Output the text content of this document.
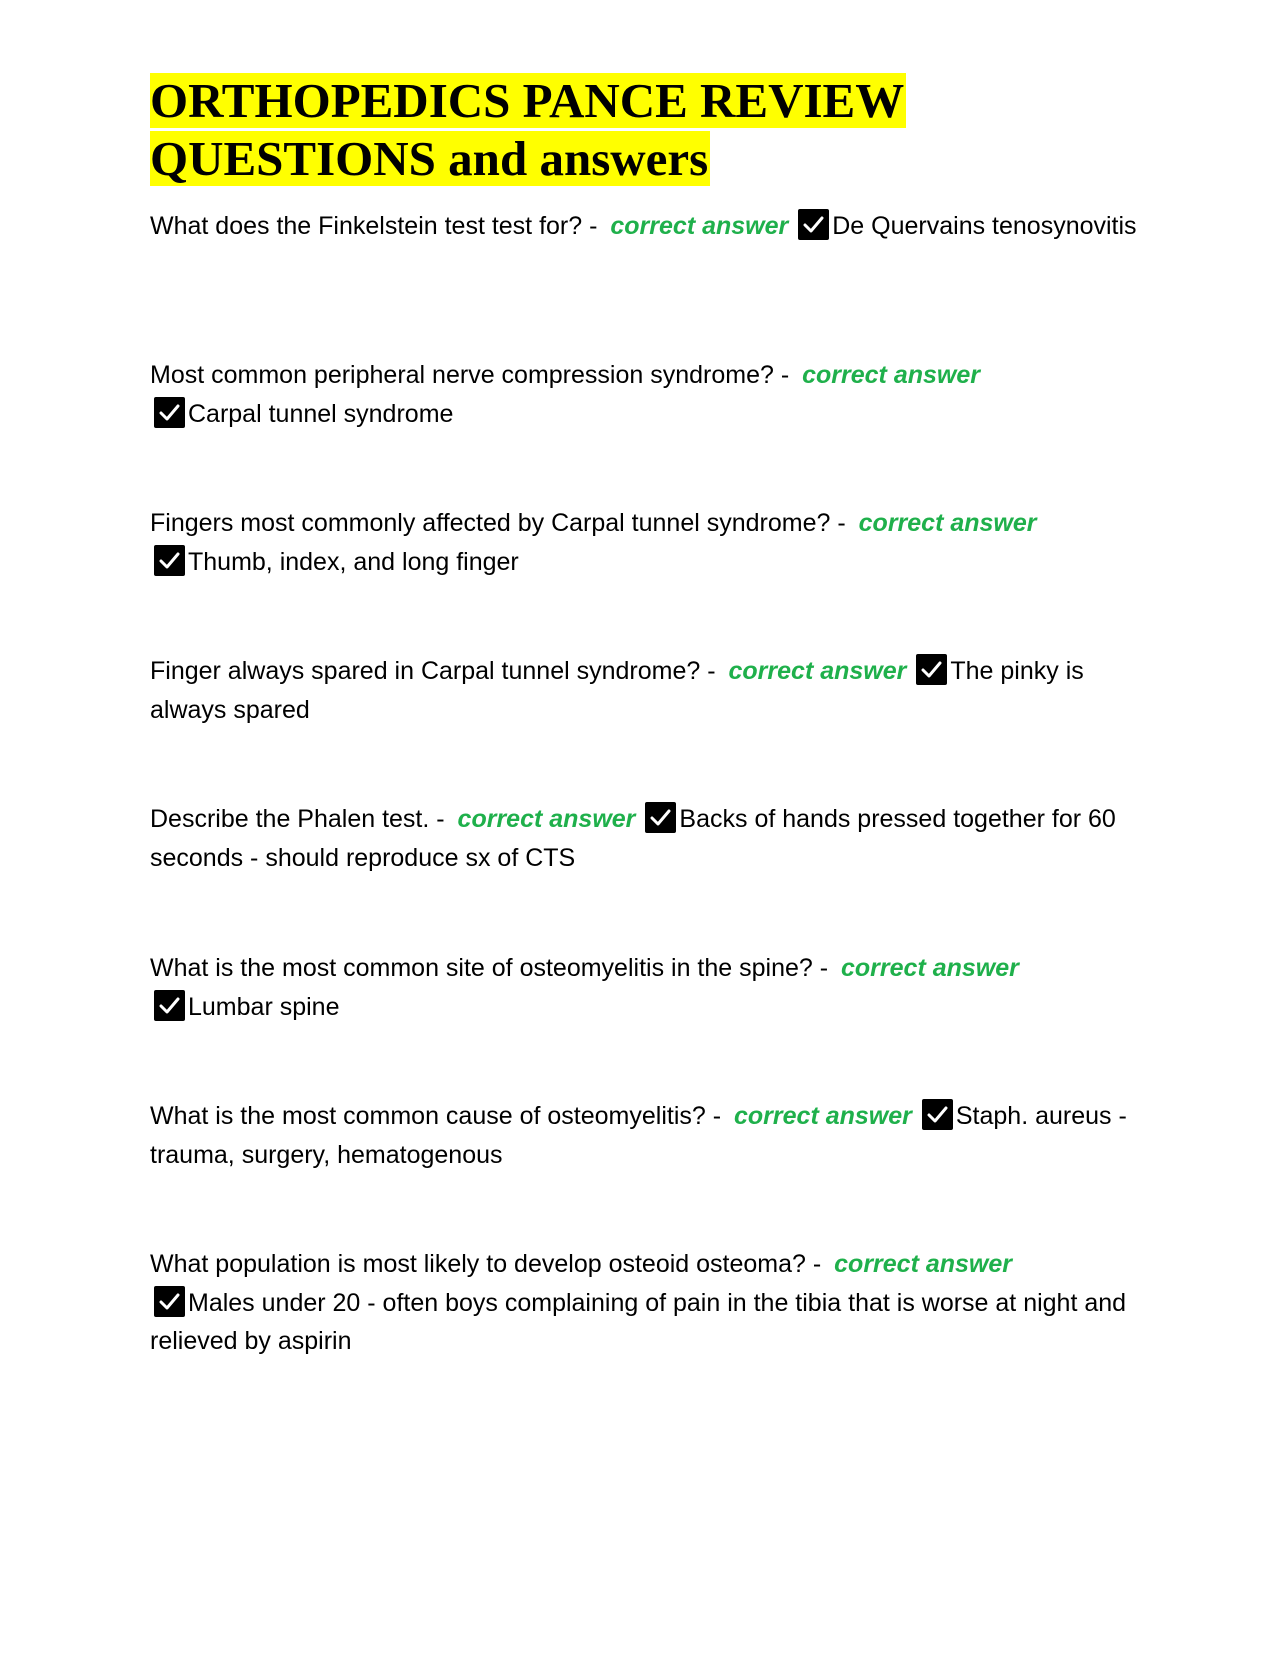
ORTHOPEDICS PANCE REVIEW
QUESTIONS and answers

What does the Finkelstein test test for? - correct answer De Quervains tenosynovitis

Most common peripheral nerve compression syndrome? - correct answer

Carpal tunnel syndrome

Fingers most commonly affected by Carpal tunnel syndrome? - correct answer

Thumb, index, and long finger

Finger always spared in Carpal tunnel syndrome? - correct answer The pinky is always spared

Describe the Phalen test. - correct answer Backs of hands pressed together for 60 seconds - should reproduce sx of CTS

What is the most common site of osteomyelitis in the spine? - correct answer

Lumbar spine

What is the most common cause of osteomyelitis? - correct answer Staph. aureus - trauma, surgery, hematogenous

What population is most likely to develop osteoid osteoma? - correct answer

Males under 20 - often boys complaining of pain in the tibia that is worse at night and relieved by aspirin
